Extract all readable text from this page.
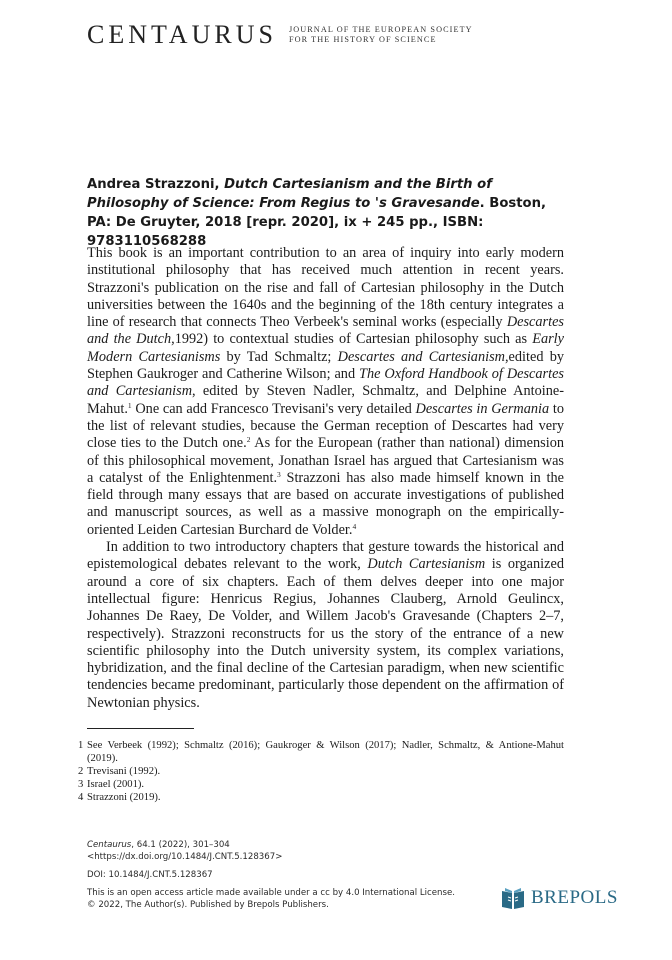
CENTAURUS JOURNAL OF THE EUROPEAN SOCIETY
FOR THE HISTORY OF SCIENCE
Andrea Strazzoni, Dutch Cartesianism and the Birth of Philosophy of Science: From Regius to 's Gravesande. Boston, PA: De Gruyter, 2018 [repr. 2020], ix + 245 pp., ISBN: 9783110568288

This book is an important contribution to an area of inquiry into early modern institutional philosophy that has received much attention in recent years. Strazzoni's publication on the rise and fall of Cartesian philosophy in the Dutch universities between the 1640s and the beginning of the 18th century integrates a line of research that connects Theo Verbeek's seminal works (especially Descartes and the Dutch,1992) to contextual studies of Cartesian philosophy such as Early Modern Cartesianisms by Tad Schmaltz; Descartes and Cartesianism,edited by Stephen Gaukroger and Catherine Wilson; and The Oxford Handbook of Descartes and Cartesianism, edited by Steven Nadler, Schmaltz, and Delphine Antoine-Mahut.$^1$ One can add Francesco Trevisani's very detailed Descartes in Germania to the list of relevant studies, because the German reception of Descartes had very close ties to the Dutch one.$^2$ As for the European (rather than national) dimension of this philosophical movement, Jonathan Israel has argued that Cartesianism was a catalyst of the Enlightenment.$^3$ Strazzoni has also made himself known in the field through many essays that are based on accurate investigations of published and manuscript sources, as well as a massive monograph on the empirically-oriented Leiden Cartesian Burchard de Volder.$^4$

In addition to two introductory chapters that gesture towards the historical and epistemological debates relevant to the work, Dutch Cartesianism is organized around a core of six chapters. Each of them delves deeper into one major intellectual figure: Henricus Regius, Johannes Clauberg, Arnold Geulincx, Johannes De Raey, De Volder, and Willem Jacob's Gravesande (Chapters 2–7, respectively). Strazzoni reconstructs for us the story of the entrance of a new scientific philosophy into the Dutch university system, its complex variations, hybridization, and the final decline of the Cartesian paradigm, when new scientific tendencies became predominant, particularly those dependent on the affirmation of Newtonian physics.

1 See Verbeek (1992); Schmaltz (2016); Gaukroger & Wilson (2017); Nadler, Schmaltz, & Antione-Mahut (2019).
2 Trevisani (1992).
3 Israel (2001).
4 Strazzoni (2019).
Centaurus, 64.1 (2022), 301–304
<https://dx.doi.org/10.1484/J.CNT.5.128367>
DOI: 10.1484/J.CNT.5.128367
This is an open access article made available under a cc by 4.0 International License.
© 2022, The Author(s). Published by Brepols Publishers.	BREPOLS
